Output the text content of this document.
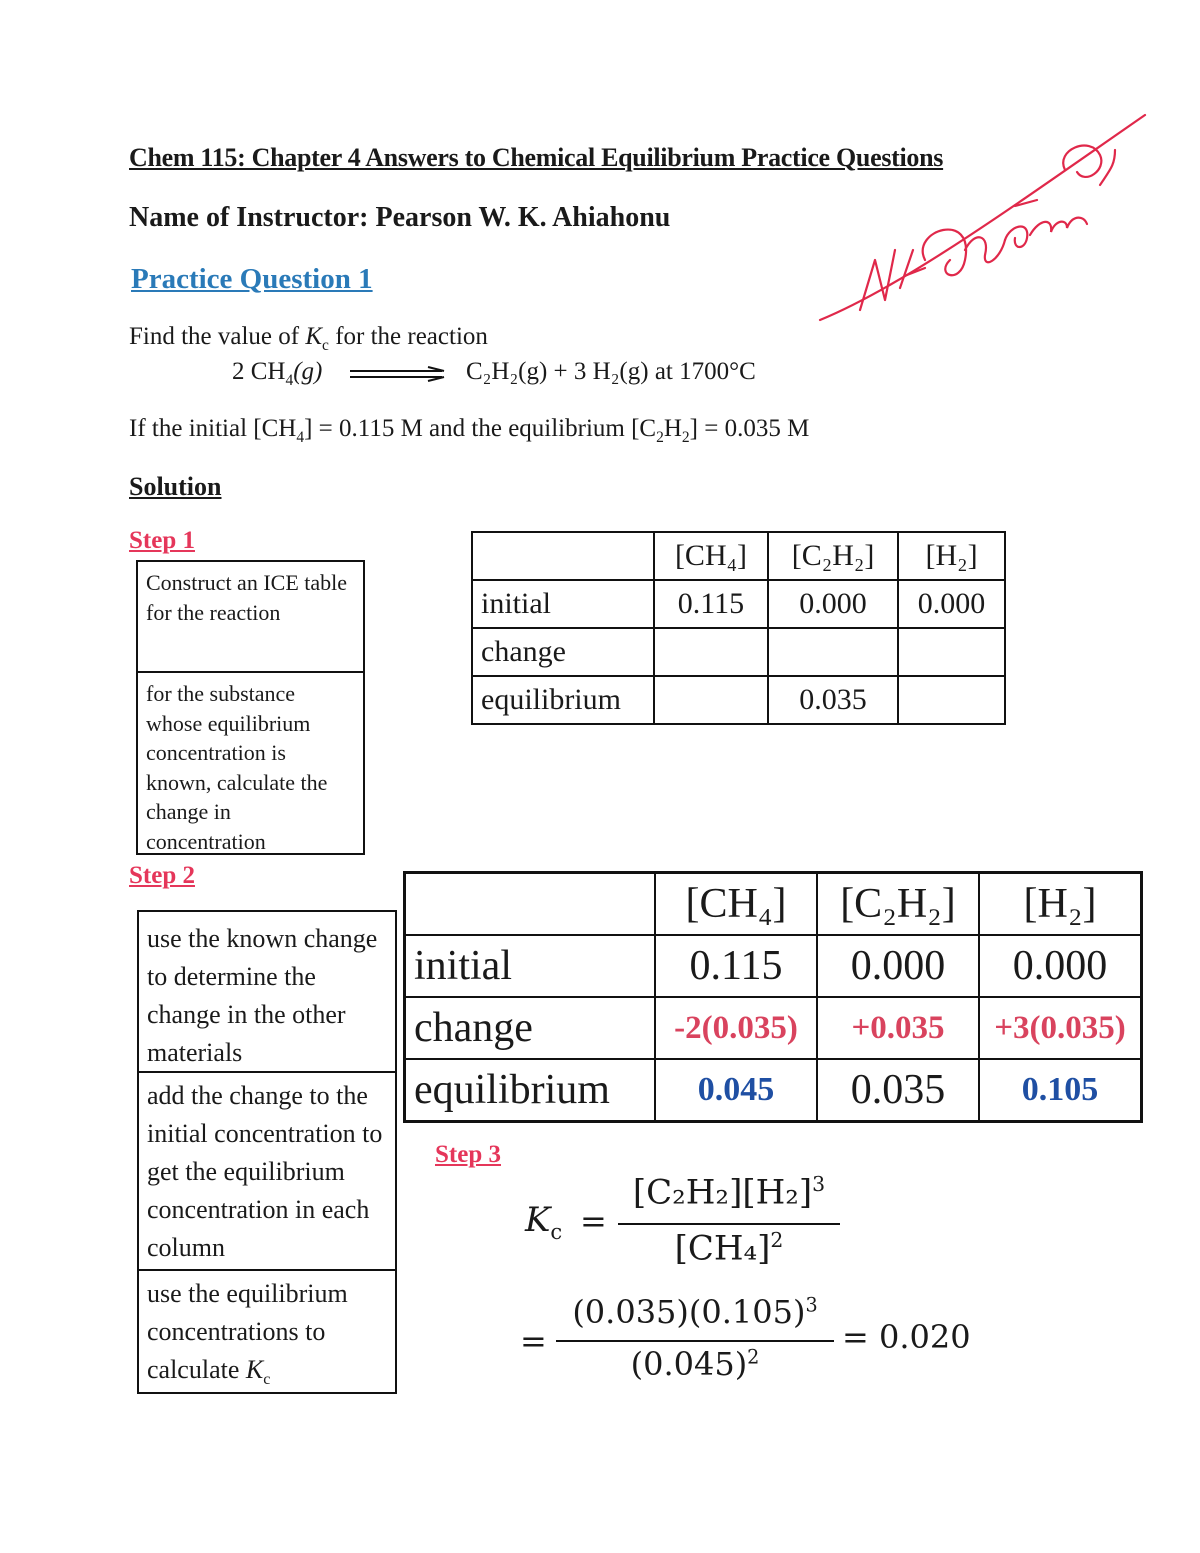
Chem 115: Chapter 4 Answers to Chemical Equilibrium Practice Questions
Name of Instructor: Pearson W. K. Ahiahonu
Practice Question 1
Find the value of $K_c$ for the reaction
2 $CH_4(g)$	C₂H₂(g) + 3 H₂(g) at 1700°C
If the initial $[CH_4] = 0.115$ M and the equilibrium $[C_2H_2] = 0.035$ M
Solution
Step 1
Construct an ICE table for the reaction
for the substance whose equilibrium concentration is known, calculate the change in concentration
	[CH₄]	[C₂H₂]	[H₂]
initial	0.115	0.000	0.000
change			
equilibrium		0.035	
Step 2
use the known change to determine the change in the other materials
add the change to the initial concentration to get the equilibrium concentration in each column
use the equilibrium concentrations to calculate $K_c$
	[CH₄]	[C₂H₂]	[H₂]
initial	0.115	0.000	0.000
change	-2(0.035)	+0.035	+3(0.035)
equilibrium	0.045	0.035	0.105
Step 3
$K_c$ =
$[C_2H_2][H_2]^3$
$[CH_4]^2$
=
$(0.035)(0.105)^3$
$(0.045)^2$
= 0.020
